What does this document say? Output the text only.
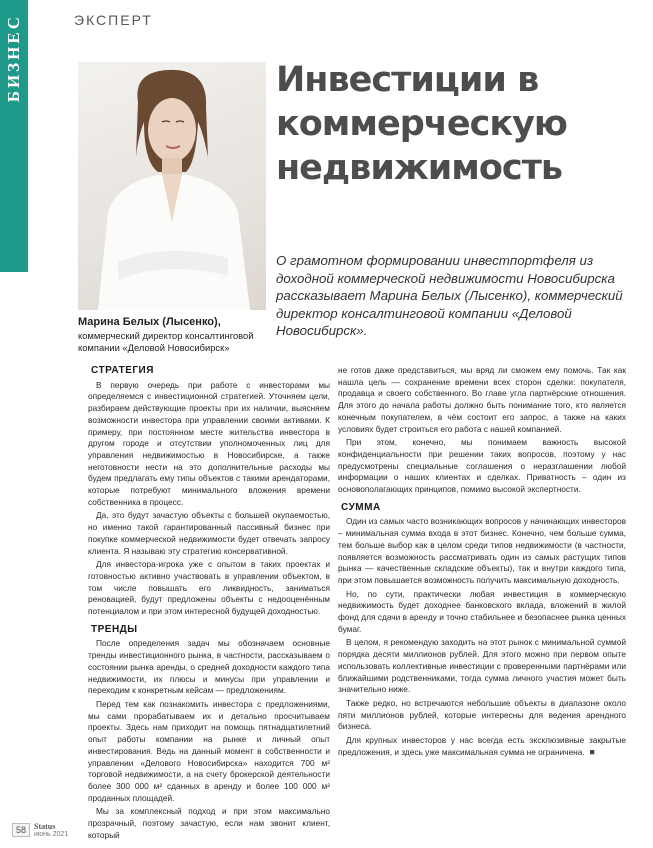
БИЗНЕС	ЭКСПЕРТ
Инвестиции в коммерческую недвижимость

О грамотном формировании инвестпортфеля из доходной коммерческой недвижимости Новосибирска рассказывает Марина Белых (Лысенко), коммерческий директор консалтинговой компании «Деловой Новосибирск».

Марина Белых (Лысенко),
коммерческий директор консалтинговой компании «Деловой Новосибирск»
СТРАТЕГИЯ

В первую очередь при работе с инвесторами мы определяемся с инвестиционной стратегией. Уточняем цели, разбираем действующие проекты при их наличии, выясняем возможности инвестора при управлении своими активами. К примеру, при постоянном месте жительства инвестора в другом городе и отсутствии уполномоченных лиц для управления недвижимостью в Новосибирске, а также неготовности нести на это дополнительные расходы мы будем предлагать ему типы объектов с такими арендаторами, которые потребуют минимального вложения времени собственника в процесс.

Да, это будут зачастую объекты с большей окупаемостью, но именно такой гарантированный пассивный бизнес при покупке коммерческой недвижимости будет отвечать запросу клиента. Я называю эту стратегию консервативной.

Для инвестора-игрока уже с опытом в таких проектах и готовностью активно участвовать в управлении объектом, в том числе повышать его ликвидность, заниматься реновацией, будут предложены объекты с недооценённым потенциалом и при этом интересной будущей доходностью.

ТРЕНДЫ

После определения задач мы обозначаем основные тренды инвестиционного рынка, в частности, рассказываем о состоянии рынка аренды, о средней доходности каждого типа недвижимости, их плюсы и минусы при управлении и переходим к конкретным кейсам — предложениям.

Перед тем как познакомить инвестора с предложениями, мы сами прорабатываем их и детально просчитываем проекты. Здесь нам приходит на помощь пятнадцатилетний опыт работы компании на рынке и личный опыт инвестирования. Ведь на данный момент в собственности и управлении «Делового Новосибирска» находится 700 м² торговой недвижимости, а на счету брокерской деятельности более 300 000 м² сданных в аренду и более 100 000 м² проданных площадей.

Мы за комплексный подход и при этом максимально прозрачный, поэтому зачастую, если нам звонит клиент, который

не готов даже представиться, мы вряд ли сможем ему помочь. Так как нашла цель — сохранение времени всех сторон сделки: покупателя, продавца и своего собственного. Во главе угла партнёрские отношения. Для этого до начала работы должно быть понимание того, кто является конечным покупателем, в чём состоит его запрос, а также на каких условиях будет строиться его работа с нашей компанией.

При этом, конечно, мы понимаем важность высокой конфиденциальности при решении таких вопросов, поэтому у нас предусмотрены специальные соглашения о неразглашении любой информации о наших клиентах и сделках. Приватность – один из основополагающих принципов, помимо высокой экспертности.

СУММА

Один из самых часто возникающих вопросов у начинающих инвесторов – минимальная сумма входа в этот бизнес. Конечно, чем больше сумма, тем больше выбор как в целом среди типов недвижимости (в частности, появляется возможность рассматривать один из самых растущих типов рынка — качественные складские объекты), так и внутри каждого типа, при этом повышается возможность получить максимальную доходность.

Но, по сути, практически любая инвестиция в коммерческую недвижимость будет доходнее банковского вклада, вложений в жилой фонд для сдачи в аренду и точно стабильнее и безопаснее рынка ценных бумаг.

В целом, я рекомендую заходить на этот рынок с минимальной суммой порядка десяти миллионов рублей. Для этого можно при первом опыте использовать коллективные инвестиции с проверенными партнёрами или ближайшими родственниками, тогда сумма личного участия может быть значительно ниже.

Также редко, но встречаются небольшие объекты в диапазоне около пяти миллионов рублей, которые интересны для ведения арендного бизнеса.

Для крупных инвесторов у нас всегда есть эксклюзивные закрытые предложения, и здесь уже максимальная сумма не ограничена. ◾

58	Status
июнь 2021
